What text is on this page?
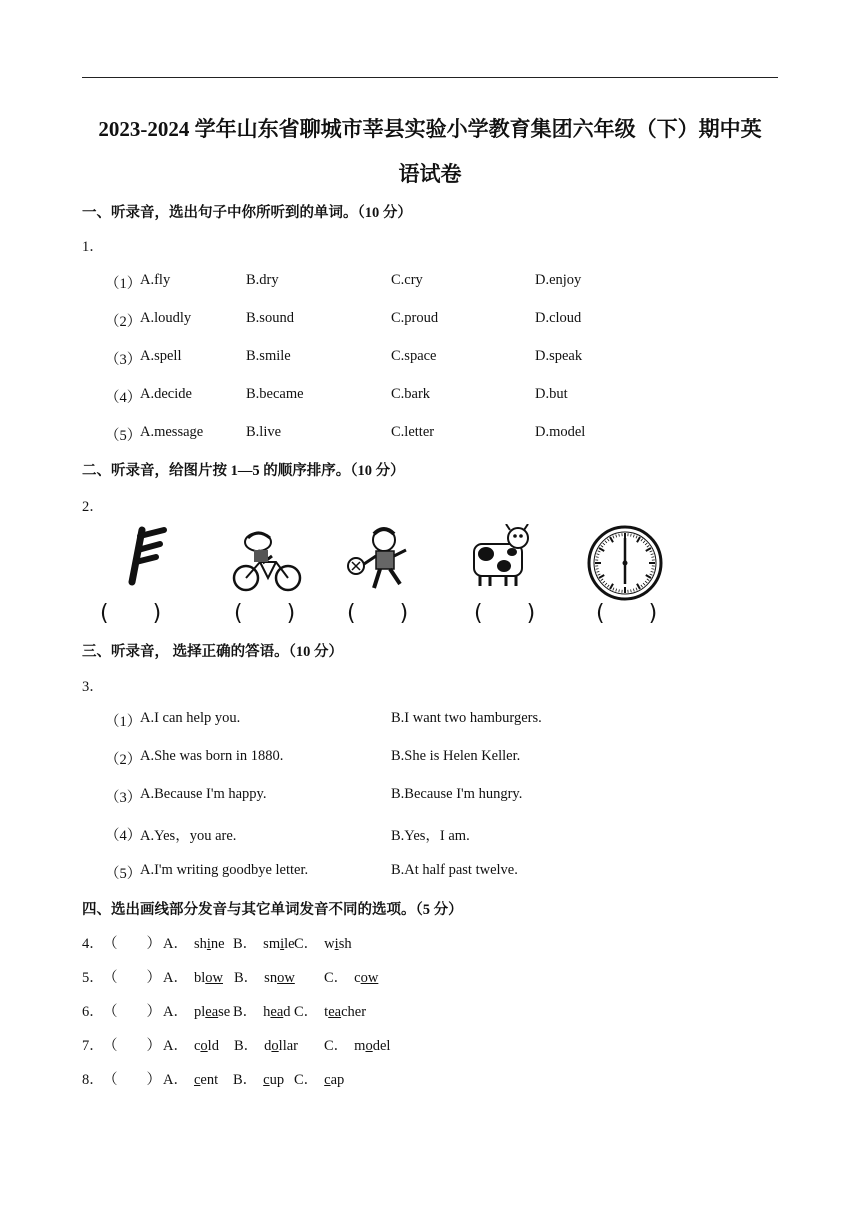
2023-2024 学年山东省聊城市莘县实验小学教育集团六年级（下）期中英
语试卷
一、听录音，选出句子中你所听到的单词。（10 分）
1．
（1）
A.fly	B.dry	C.cry	D.enjoy
（2）
A.loudly	B.sound	C.proud	D.cloud
（3）
A.spell	B.smile	C.space	D.speak
（4）
A.decide	B.became	C.bark	D.but
（5）
A.message	B.live	C.letter	D.model
二、听录音，给图片按 1—5 的顺序排序。（10 分）
2．
(　　)	(　　) (　　)	(　　)	(　　)
三、听录音， 选择正确的答语。（10 分）
3．
（1）
A.I can help you.	B.I want two hamburgers.
（2）
A.She was born in 1880.	B.She is Helen Keller.
（3）
A.Because I'm happy.	B.Because I'm hungry.
（4）
A.Yes，you are.	B.Yes，I am.
（5）
A.I'm writing goodbye letter.	B.At half past twelve.
四、选出画线部分发音与其它单词发音不同的选项。（5 分）
4． （　　） A． shine B． smile C． wish
5． （　　） A． blow B． snow C． cow
6． （　　） A． please B． head C． teacher
7． （　　） A． cold B． dollar C． model
8． （　　） A． cent B． cup C． cap
